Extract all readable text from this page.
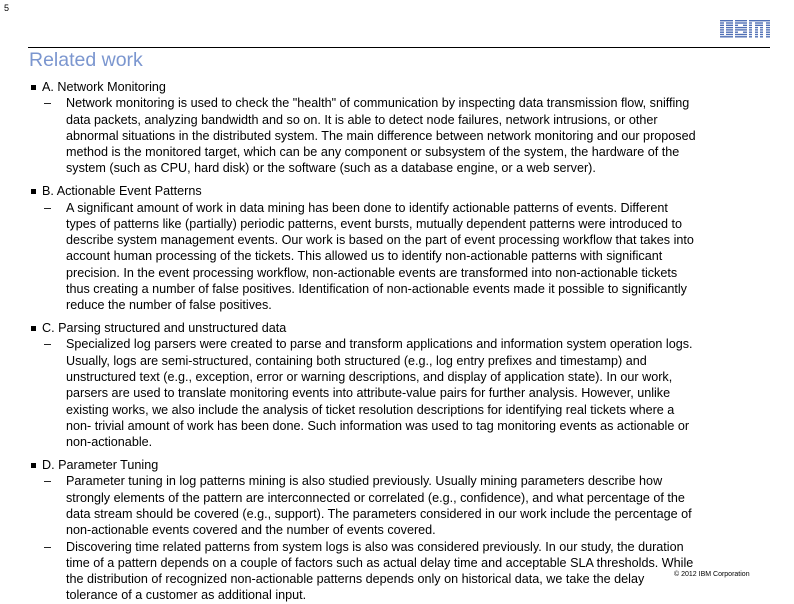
5
Related work
A. Network Monitoring
– Network monitoring is used to check the "health" of communication by inspecting data transmission flow, sniffing
data packets, analyzing bandwidth and so on. It is able to detect node failures, network intrusions, or other
abnormal situations in the distributed system. The main difference between network monitoring and our proposed
method is the monitored target, which can be any component or subsystem of the system, the hardware of the
system (such as CPU, hard disk) or the software (such as a database engine, or a web server).
B. Actionable Event Patterns
– A significant amount of work in data mining has been done to identify actionable patterns of events. Different
types of patterns like (partially) periodic patterns, event bursts, mutually dependent patterns were introduced to
describe system management events. Our work is based on the part of event processing workflow that takes into
account human processing of the tickets. This allowed us to identify non-actionable patterns with significant
precision. In the event processing workflow, non-actionable events are transformed into non-actionable tickets
thus creating a number of false positives. Identification of non-actionable events made it possible to significantly
reduce the number of false positives.
C. Parsing structured and unstructured data
– Specialized log parsers were created to parse and transform applications and information system operation logs.
Usually, logs are semi-structured, containing both structured (e.g., log entry prefixes and timestamp) and
unstructured text (e.g., exception, error or warning descriptions, and display of application state). In our work,
parsers are used to translate monitoring events into attribute-value pairs for further analysis. However, unlike
existing works, we also include the analysis of ticket resolution descriptions for identifying real tickets where a
non- trivial amount of work has been done. Such information was used to tag monitoring events as actionable or
non-actionable.
D. Parameter Tuning
– Parameter tuning in log patterns mining is also studied previously. Usually mining parameters describe how
strongly elements of the pattern are interconnected or correlated (e.g., confidence), and what percentage of the
data stream should be covered (e.g., support). The parameters considered in our work include the percentage of
non-actionable events covered and the number of events covered.
– Discovering time related patterns from system logs is also was considered previously. In our study, the duration
time of a pattern depends on a couple of factors such as actual delay time and acceptable SLA thresholds. While
the distribution of recognized non-actionable patterns depends only on historical data, we take the delay
tolerance of a customer as additional input.
© 2012 IBM Corporation
